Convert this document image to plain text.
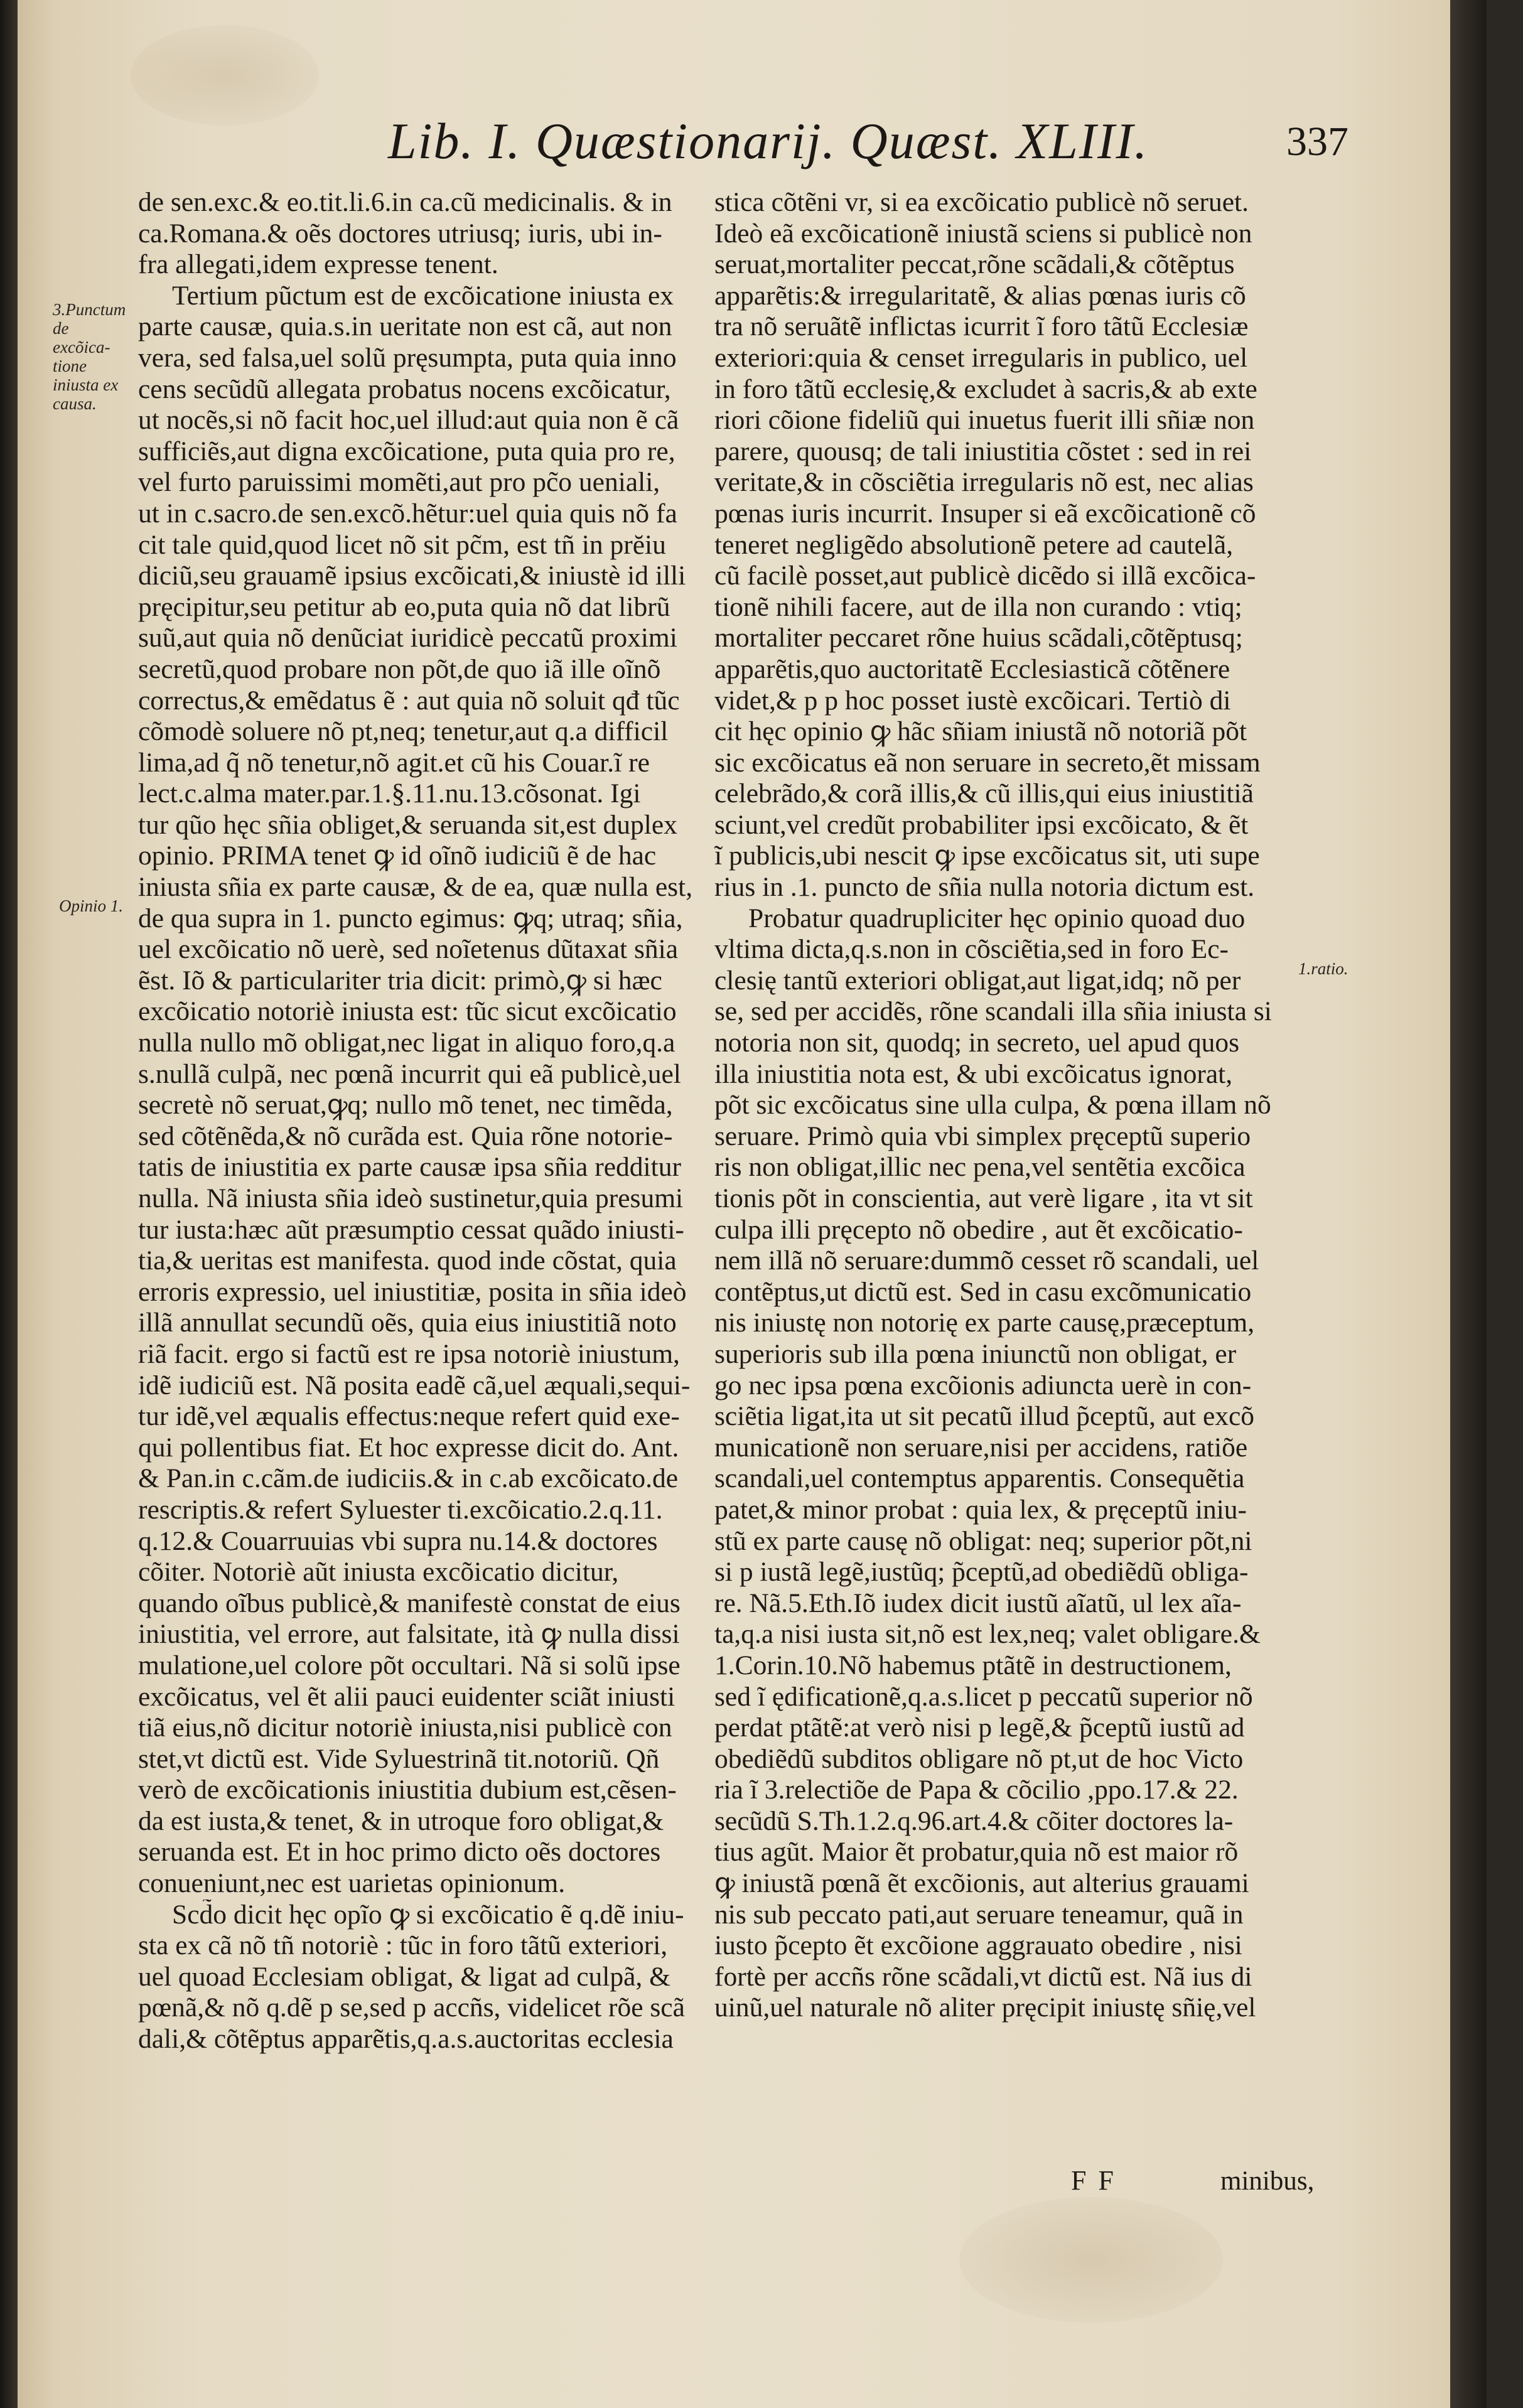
Lib. I. Quæstionarij. Quæst. XLIII.	337
3.Punctum de excõicatione iniusta ex causa.
Opinio 1.
1.ratio.
de sen.exc.& eo.tit.li.6.in ca.cũ medicinalis. & in
ca.Romana.& oẽs doctores utriusq; iuris, ubi in-
fra allegati,idem expresse tenent.
Tertium pũctum est de excõicatione iniusta ex
parte causæ, quia.s.in ueritate non est cã, aut non
vera, sed falsa,uel solũ pręsumpta, puta quia inno
cens secũdũ allegata probatus nocens excõicatur,
ut nocẽs,si nõ facit hoc,uel illud:aut quia non ẽ cã
sufficiẽs,aut digna excõicatione, puta quia pro re,
vel furto paruissimi momẽti,aut pro pc̃o ueniali,
ut in c.sacro.de sen.excõ.hẽtur:uel quia quis nõ fa
cit tale quid,quod licet nõ sit pc̃m, est tñ in prĕiu
diciũ,seu grauamẽ ipsius excõicati,& iniustè id illi
pręcipitur,seu petitur ab eo,puta quia nõ dat librũ
suũ,aut quia nõ denũciat iuridicè peccatũ proximi
secretũ,quod probare non põt,de quo iã ille oĩnõ
correctus,& emẽdatus ẽ : aut quia nõ soluit qđ tũc
cõmodè soluere nõ pt,neq; tenetur,aut q.a difficil
lima,ad q̃ nõ tenetur,nõ agit.et cũ his Couar.ĩ re
lect.c.alma mater.par.1.§.11.nu.13.cõsonat. Igi
tur qũo hęc sñia obliget,& seruanda sit,est duplex
opinio. PRIMA tenet ꝙ id oĩnõ iudiciũ ẽ de hac
iniusta sñia ex parte causæ, & de ea, quæ nulla est,
de qua supra in 1. puncto egimus: ꝙq; utraq; sñia,
uel excõicatio nõ uerè, sed noĩetenus dũtaxat sñia
ẽst. Iõ & particulariter tria dicit: primò,ꝙ si hæc
excõicatio notoriè iniusta est: tũc sicut excõicatio
nulla nullo mõ obligat,nec ligat in aliquo foro,q.a
s.nullã culpã, nec pœnã incurrit qui eã publicè,uel
secretè nõ seruat,ꝙq; nullo mõ tenet, nec timẽda,
sed cõtẽnẽda,& nõ curãda est. Quia rõne notorie-
tatis de iniustitia ex parte causæ ipsa sñia redditur
nulla. Nã iniusta sñia ideò sustinetur,quia presumi
tur iusta:hæc aũt præsumptio cessat quãdo iniusti-
tia,& ueritas est manifesta. quod inde cõstat, quia
erroris expressio, uel iniustitiæ, posita in sñia ideò
illã annullat secundũ oẽs, quia eius iniustitiã noto
riã facit. ergo si factũ est re ipsa notoriè iniustum,
idẽ iudiciũ est. Nã posita eadẽ cã,uel æquali,sequi-
tur idẽ,vel æqualis effectus:neque refert quid exe-
qui pollentibus fiat. Et hoc expresse dicit do. Ant.
& Pan.in c.cãm.de iudiciis.& in c.ab excõicato.de
rescriptis.& refert Syluester ti.excõicatio.2.q.11.
q.12.& Couarruuias vbi supra nu.14.& doctores
cõiter. Notoriè aũt iniusta excõicatio dicitur,
quando oĩbus publicè,& manifestè constat de eius
iniustitia, vel errore, aut falsitate, ità ꝙ nulla dissi
mulatione,uel colore põt occultari. Nã si solũ ipse
excõicatus, vel ẽt alii pauci euidenter sciãt iniusti
tiã eius,nõ dicitur notoriè iniusta,nisi publicè con
stet,vt dictũ est. Vide Syluestrinã tit.notoriũ. Qñ
verò de excõicationis iniustitia dubium est,cẽsen-
da est iusta,& tenet, & in utroque foro obligat,&
seruanda est. Et in hoc primo dicto oẽs doctores
conueniunt,nec est uarietas opinionum.
Scd̃o dicit hęc opĩo ꝙ si excõicatio ẽ q.dẽ iniu-
sta ex cã nõ tñ notoriè : tũc in foro tãtũ exteriori,
uel quoad Ecclesiam obligat, & ligat ad culpã, &
pœnã,& nõ q.dẽ p se,sed p accñs, videlicet rõe scã
dali,& cõtẽptus apparẽtis,q.a.s.auctoritas ecclesia
stica cõtẽni vr, si ea excõicatio publicè nõ seruet.
Ideò eã excõicationẽ iniustã sciens si publicè non
seruat,mortaliter peccat,rõne scãdali,& cõtẽptus
apparẽtis:& irregularitatẽ, & alias pœnas iuris cõ
tra nõ seruãtẽ inflictas icurrit ĩ foro tãtũ Ecclesiæ
exteriori:quia & censet irregularis in publico, uel
in foro tãtũ ecclesię,& excludet à sacris,& ab exte
riori cõione fideliũ qui inuetus fuerit illi sñiæ non
parere, quousq; de tali iniustitia cõstet : sed in rei
veritate,& in cõsciẽtia irregularis nõ est, nec alias
pœnas iuris incurrit. Insuper si eã excõicationẽ cõ
teneret negligẽdo absolutionẽ petere ad cautelã,
cũ facilè posset,aut publicè dicẽdo si illã excõica-
tionẽ nihili facere, aut de illa non curando : vtiq;
mortaliter peccaret rõne huius scãdali,cõtẽptusq;
apparẽtis,quo auctoritatẽ Ecclesiasticã cõtẽnere
videt,& p p hoc posset iustè excõicari. Tertiò di
cit hęc opinio ꝙ hãc sñiam iniustã nõ notoriã põt
sic excõicatus eã non seruare in secreto,ẽt missam
celebrãdo,& corã illis,& cũ illis,qui eius iniustitiã
sciunt,vel credũt probabiliter ipsi excõicato, & ẽt
ĩ publicis,ubi nescit ꝙ ipse excõicatus sit, uti supe
rius in .1. puncto de sñia nulla notoria dictum est.
Probatur quadrupliciter hęc opinio quoad duo
vltima dicta,q.s.non in cõsciẽtia,sed in foro Ec-
clesię tantũ exteriori obligat,aut ligat,idq; nõ per
se, sed per accidẽs, rõne scandali illa sñia iniusta si
notoria non sit, quodq; in secreto, uel apud quos
illa iniustitia nota est, & ubi excõicatus ignorat,
põt sic excõicatus sine ulla culpa, & pœna illam nõ
seruare. Primò quia vbi simplex pręceptũ superio
ris non obligat,illic nec pena,vel sentẽtia excõica
tionis põt in conscientia, aut verè ligare , ita vt sit
culpa illi pręcepto nõ obedire , aut ẽt excõicatio-
nem illã nõ seruare:dummõ cesset rõ scandali, uel
contẽptus,ut dictũ est. Sed in casu excõmunicatio
nis iniustę non notorię ex parte causę,præceptum,
superioris sub illa pœna iniunctũ non obligat, er
go nec ipsa pœna excõionis adiuncta uerè in con-
sciẽtia ligat,ita ut sit pecatũ illud p̃ceptũ, aut excõ
municationẽ non seruare,nisi per accidens, ratiõe
scandali,uel contemptus apparentis. Consequẽtia
patet,& minor probat : quia lex, & pręceptũ iniu-
stũ ex parte causę nõ obligat: neq; superior põt,ni
si p iustã legẽ,iustũq; p̃ceptũ,ad obediẽdũ obliga-
re. Nã.5.Eth.Iõ iudex dicit iustũ aĩatũ, ul lex aĩa-
ta,q.a nisi iusta sit,nõ est lex,neq; valet obligare.&
1.Corin.10.Nõ habemus ptãtẽ in destructionem,
sed ĩ ędificationẽ,q.a.s.licet p peccatũ superior nõ
perdat ptãtẽ:at verò nisi p legẽ,& p̃ceptũ iustũ ad
obediẽdũ subditos obligare nõ pt,ut de hoc Victo
ria ĩ 3.relectiõe de Papa & cõcilio ,ppo.17.& 22.
secũdũ S.Th.1.2.q.96.art.4.& cõiter doctores la-
tius agũt. Maior ẽt probatur,quia nõ est maior rõ
ꝙ iniustã pœnã ẽt excõionis, aut alterius grauami
nis sub peccato pati,aut seruare teneamur, quã in
iusto p̃cepto ẽt excõione aggrauato obedire , nisi
fortè per accñs rõne scãdali,vt dictũ est. Nã ius di
uinũ,uel naturale nõ aliter pręcipit iniustę sñię,vel
F F	minibus,
